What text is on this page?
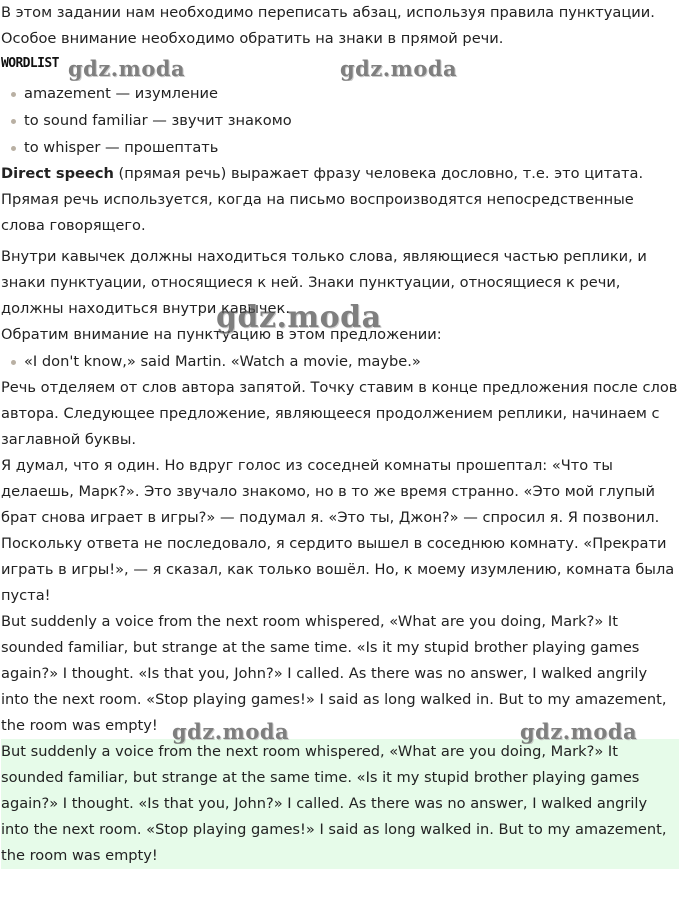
В этом задании нам необходимо переписать абзац, используя правила пунктуации.

Особое внимание необходимо обратить на знаки в прямой речи.

WORDLIST
amazement — изумление
to sound familiar — звучит знакомо
to whisper — прошептать

Direct speech (прямая речь) выражает фразу человека дословно, т.е. это цитата. Прямая речь используется, когда на письмо воспроизводятся непосредственные слова говорящего.

Внутри кавычек должны находиться только слова, являющиеся частью реплики, и знаки пунктуации, относящиеся к ней. Знаки пунктуации, относящиеся к речи, должны находиться внутри кавычек.

Обратим внимание на пунктуацию в этом предложении:

«I don't know,» said Martin. «Watch a movie, maybe.»

Речь отделяем от слов автора запятой. Точку ставим в конце предложения после слов автора. Следующее предложение, являющееся продолжением реплики, начинаем с заглавной буквы.

Я думал, что я один. Но вдруг голос из соседней комнаты прошептал: «Что ты делаешь, Марк?». Это звучало знакомо, но в то же время странно. «Это мой глупый брат снова играет в игры?» — подумал я. «Это ты, Джон?» — спросил я. Я позвонил. Поскольку ответа не последовало, я сердито вышел в соседнюю комнату. «Прекрати играть в игры!», — я сказал, как только вошёл. Но, к моему изумлению, комната была пуста!

But suddenly a voice from the next room whispered, «What are you doing, Mark?» It sounded familiar, but strange at the same time. «Is it my stupid brother playing games again?» I thought. «Is that you, John?» I called. As there was no answer, I walked angrily into the next room. «Stop playing games!» I said as long walked in. But to my amazement, the room was empty!

But suddenly a voice from the next room whispered, «What are you doing, Mark?» It sounded familiar, but strange at the same time. «Is it my stupid brother playing games again?» I thought. «Is that you, John?» I called. As there was no answer, I walked angrily into the next room. «Stop playing games!» I said as long walked in. But to my amazement, the room was empty!

gdz.moda	gdz.moda
gdz.moda
gdz.moda	gdz.moda
